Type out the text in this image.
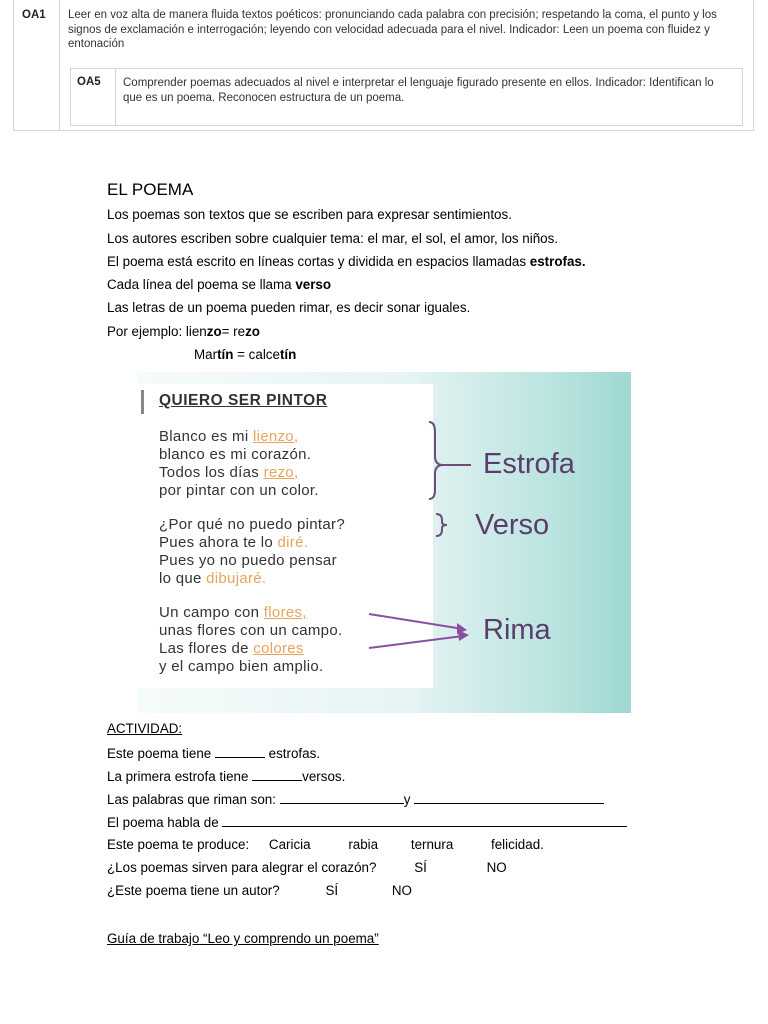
OA1	Leer en voz alta de manera fluida textos poéticos: pronunciando cada palabra con precisión; respetando la coma, el punto y los signos de exclamación e interrogación; leyendo con velocidad adecuada para el nivel. Indicador: Leen un poema con fluidez y entonación
OA5	Comprender poemas adecuados al nivel e interpretar el lenguaje figurado presente en ellos. Indicador: Identifican lo que es un poema. Reconocen estructura de un poema.
EL POEMA
Los poemas son textos que se escriben para expresar sentimientos.
Los autores escriben sobre cualquier tema: el mar, el sol, el amor, los niños.
El poema está escrito en líneas cortas y dividida en espacios llamadas estrofas.
Cada línea del poema se llama verso
Las letras de un poema pueden rimar, es decir sonar iguales.
Por ejemplo: lienzo= rezo
Martín = calcetín
ACTIVIDAD:
Este poema tiene	estrofas.
La primera estrofa tiene	versos.
Las palabras que riman son:	y
El poema habla de
Este poema te produce: Caricia	rabia ternura	felicidad.
¿Los poemas sirven para alegrar el corazón?	SÍ	NO
¿Este poema tiene un autor?	SÍ	NO
Guía de trabajo “Leo y comprendo un poema”
QUIERO SER PINTOR
Blanco es mi lienzo,
blanco es mi corazón.
Todos los días rezo,
por pintar con un color.
¿Por qué no puedo pintar?
Pues ahora te lo diré.
Pues yo no puedo pensar
lo que dibujaré.
Un campo con flores,
unas flores con un campo.
Las flores de colores
y el campo bien amplio.
Estrofa
Verso
Rima
